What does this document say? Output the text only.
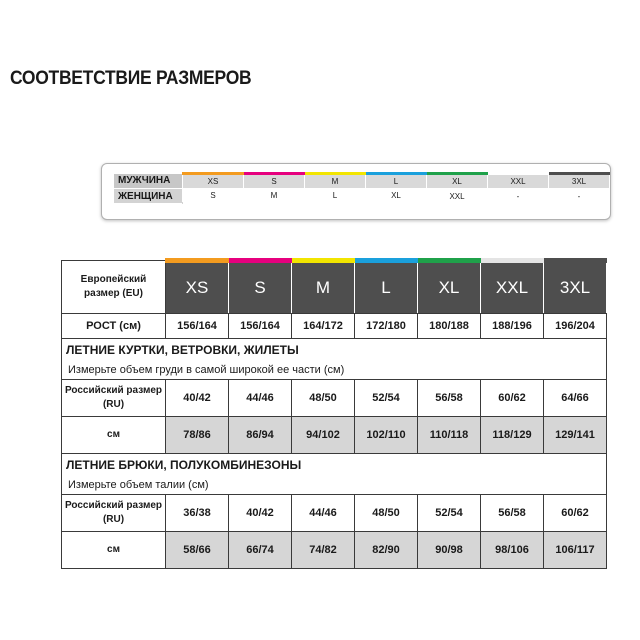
СООТВЕТСТВИЕ РАЗМЕРОВ
МУЖЧИНА	XS	S	M	L	XL	XXL	3XL
ЖЕНЩИНА	S	M	L	XL	XXL	-	-
Европейский размер (EU)	XS	S	M	L	XL	XXL	3XL
РОСТ (см)	156/164	156/164	164/172	172/180	180/188	188/196	196/204
ЛЕТНИЕ КУРТКИ, ВЕТРОВКИ, ЖИЛЕТЫ							
Измерьте объем груди в самой широкой ее части (см)							
Российский размер (RU)	40/42	44/46	48/50	52/54	56/58	60/62	64/66
см	78/86	86/94	94/102	102/110	110/118	118/129	129/141
ЛЕТНИЕ БРЮКИ, ПОЛУКОМБИНЕЗОНЫ							
Измерьте объем талии (см)							
Российский размер (RU)	36/38	40/42	44/46	48/50	52/54	56/58	60/62
см	58/66	66/74	74/82	82/90	90/98	98/106	106/117
